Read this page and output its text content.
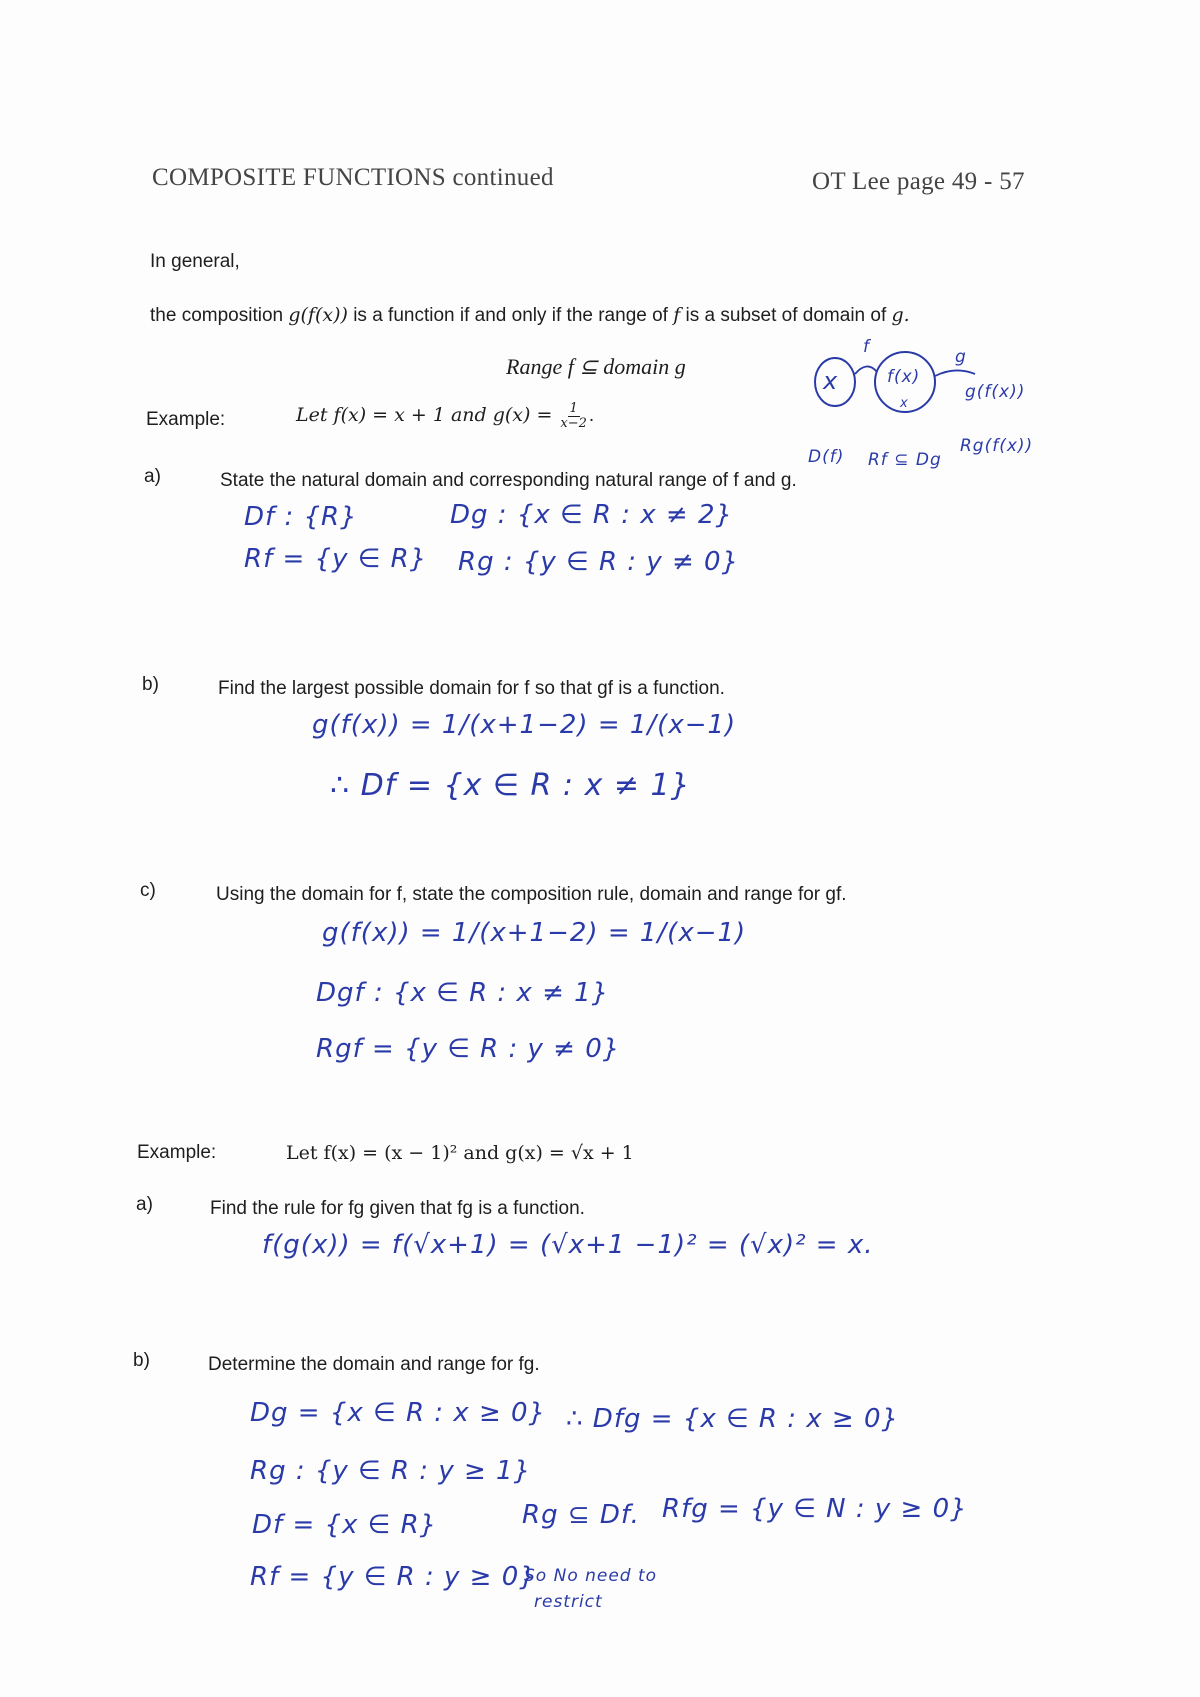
COMPOSITE FUNCTIONS continued	OT Lee page 49 - 57
In general,
the composition g(f(x)) is a function if and only if the range of f is a subset of domain of g.
Range f ⊆ domain g
x	f(x)
g(f(x))
f	g
x
D(f) Rf ⊆ Dg
Rg(f(x))
Example:	Let f(x) = x + 1 and $g(x) = \frac{1}{x-2}$ .
a)	State the natural domain and corresponding natural range of f and g.
Df : {R}
Rf = {y ∈ R}
Dg : {x ∈ R : x ≠ 2}
Rg : {y ∈ R : y ≠ 0}
b)	Find the largest possible domain for f so that gf is a function.
g(f(x)) = 1/(x+1−2) = 1/(x−1)
∴ Df = {x ∈ R : x ≠ 1}
c)	Using the domain for f, state the composition rule, domain and range for gf.
g(f(x)) = 1/(x+1−2) = 1/(x−1)
Dgf : {x ∈ R : x ≠ 1}
Rgf = {y ∈ R : y ≠ 0}
Example:	Let f(x) = (x − 1)² and g(x) = √x + 1
a)	Find the rule for fg given that fg is a function.
f(g(x)) = f(√x+1) = (√x+1 −1)² = (√x)² = x.
b)	Determine the domain and range for fg.
Dg = {x ∈ R : x ≥ 0}
Rg : {y ∈ R : y ≥ 1}
Df = {x ∈ R}
Rf = {y ∈ R : y ≥ 0}
∴ Dfg = {x ∈ R : x ≥ 0}
Rg ⊆ Df. Rfg = {y ∈ N : y ≥ 0}
So No need to
restrict
